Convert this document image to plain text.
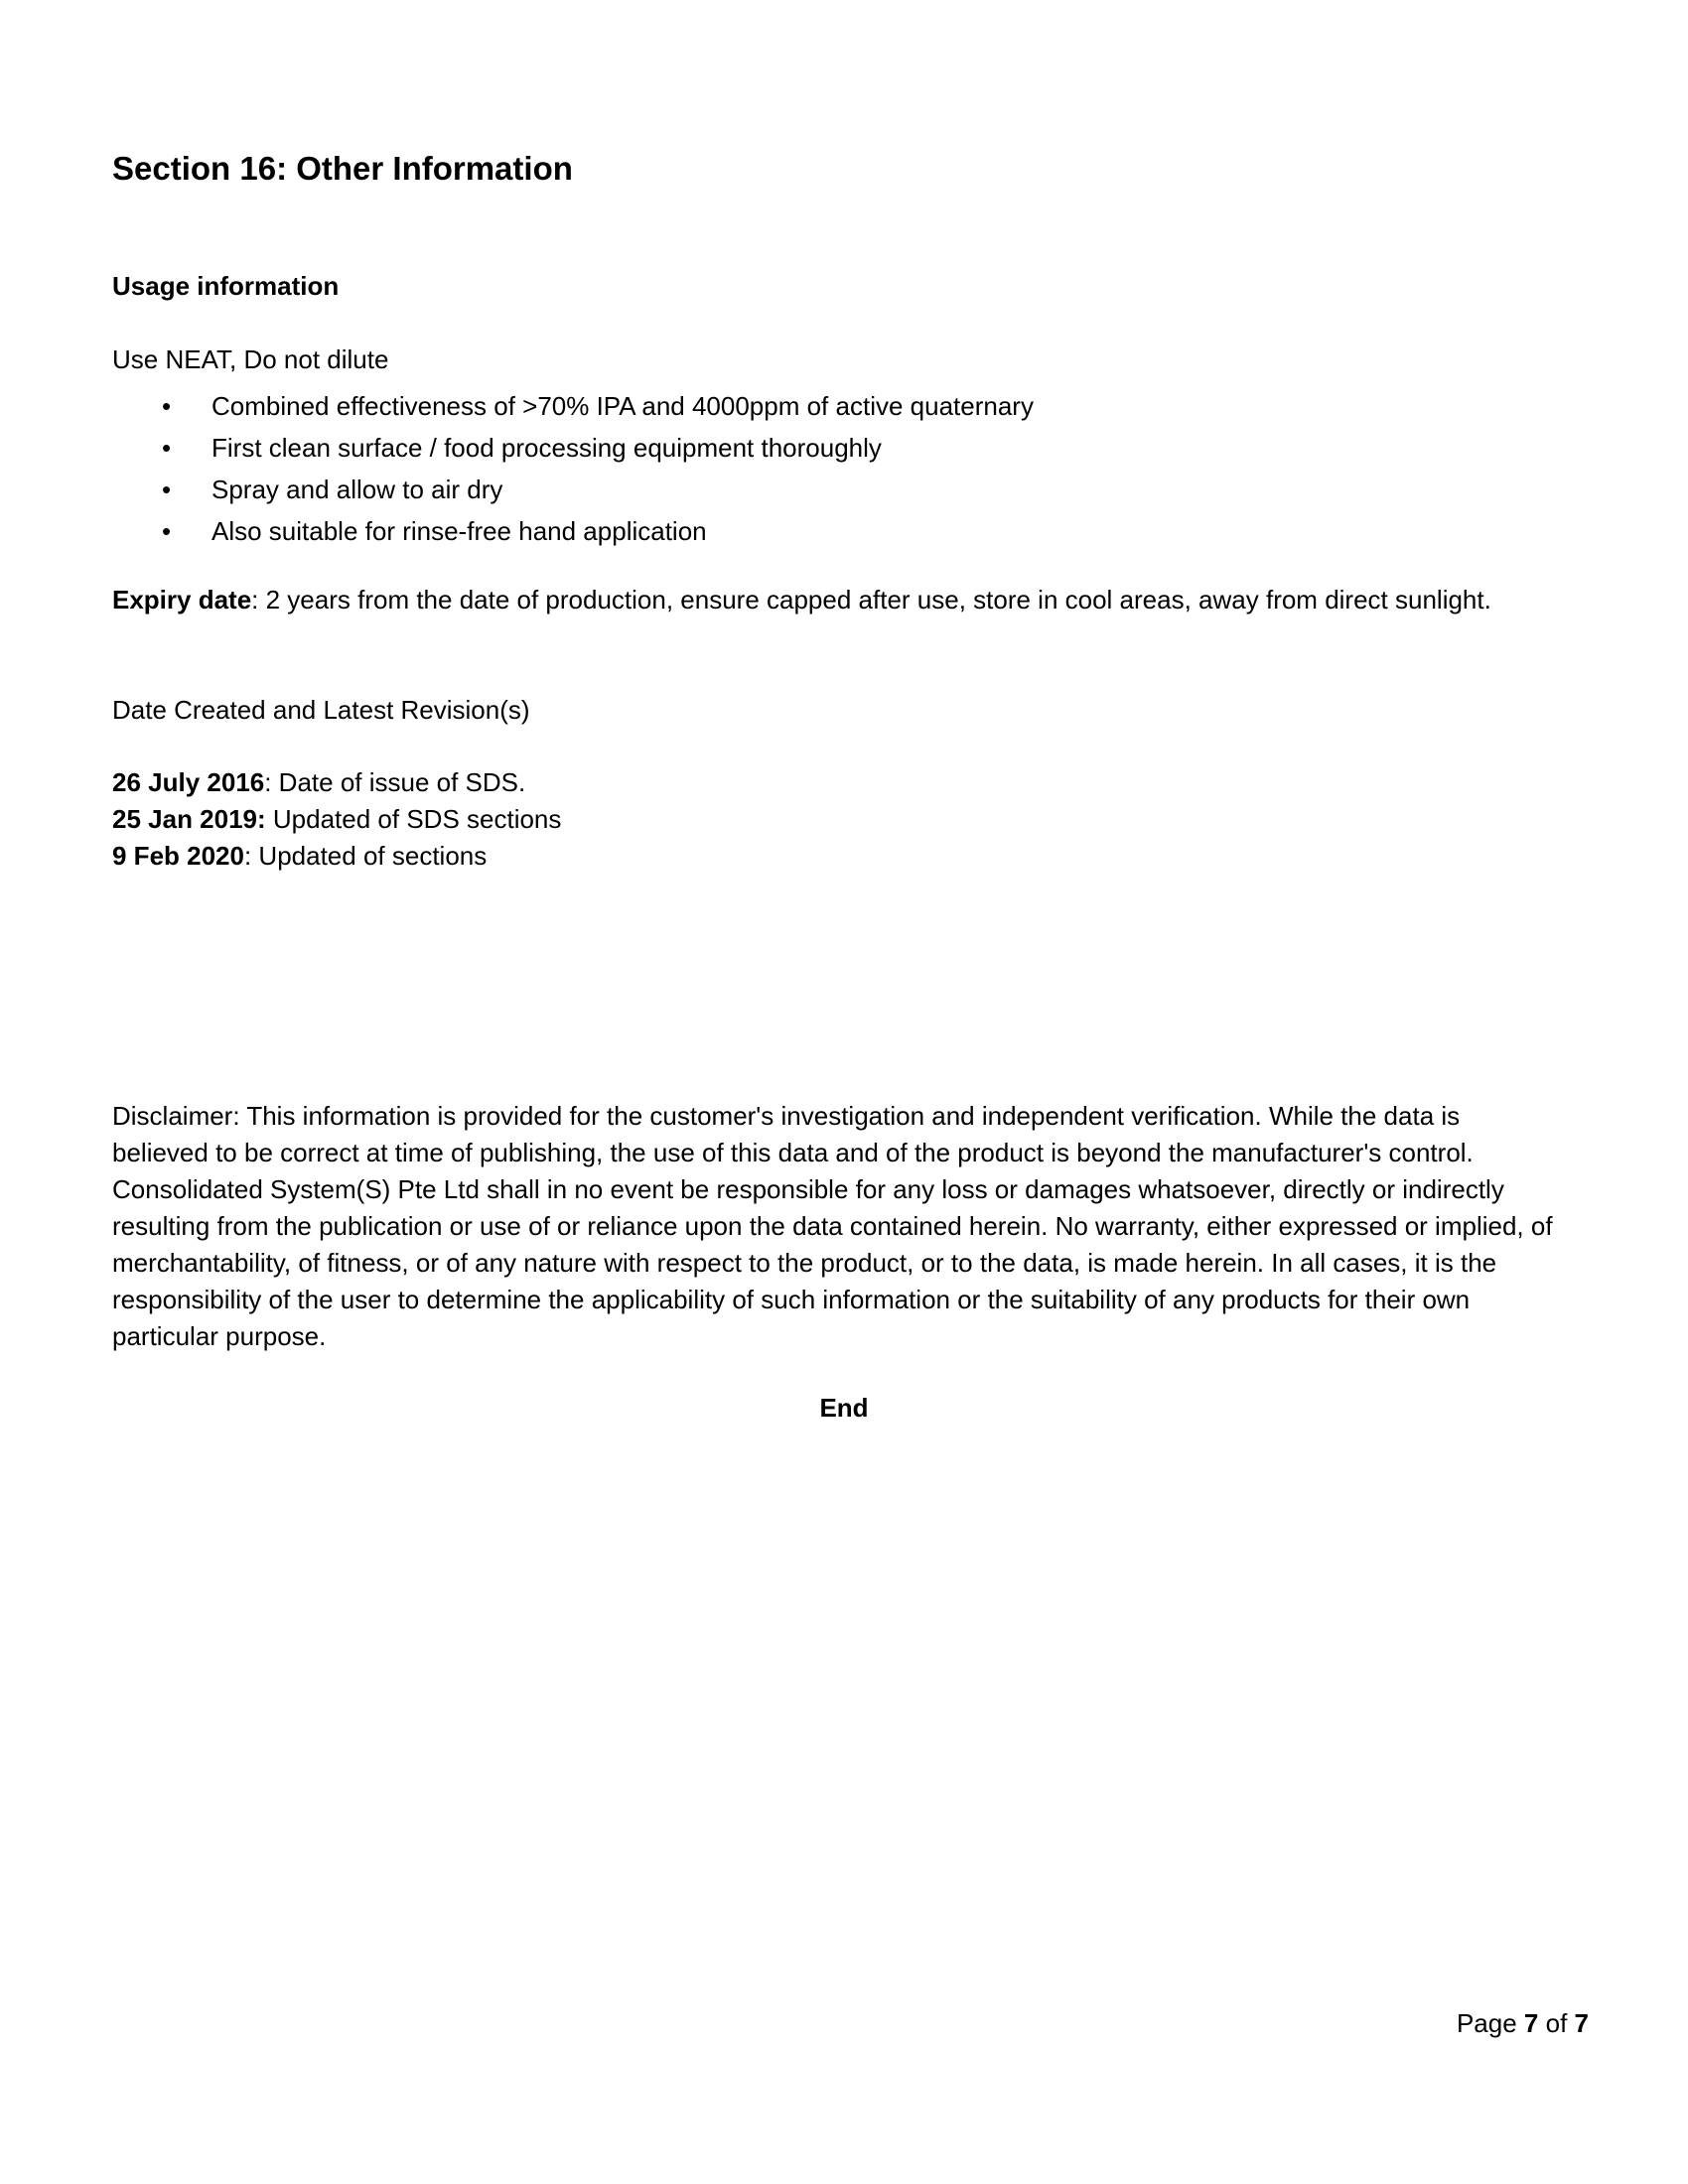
Section 16: Other Information
Usage information

Use NEAT, Do not dilute

• Combined effectiveness of >70% IPA and 4000ppm of active quaternary
• First clean surface / food processing equipment thoroughly
• Spray and allow to air dry
• Also suitable for rinse-free hand application

Expiry date: 2 years from the date of production, ensure capped after use, store in cool areas, away from direct sunlight.

Date Created and Latest Revision(s)

26 July 2016: Date of issue of SDS.
25 Jan 2019: Updated of SDS sections
9 Feb 2020: Updated of sections

Disclaimer: This information is provided for the customer's investigation and independent verification. While the data is believed to be correct at time of publishing, the use of this data and of the product is beyond the manufacturer's control. Consolidated System(S) Pte Ltd shall in no event be responsible for any loss or damages whatsoever, directly or indirectly resulting from the publication or use of or reliance upon the data contained herein. No warranty, either expressed or implied, of merchantability, of fitness, or of any nature with respect to the product, or to the data, is made herein. In all cases, it is the responsibility of the user to determine the applicability of such information or the suitability of any products for their own particular purpose.

End

Page 7 of 7
